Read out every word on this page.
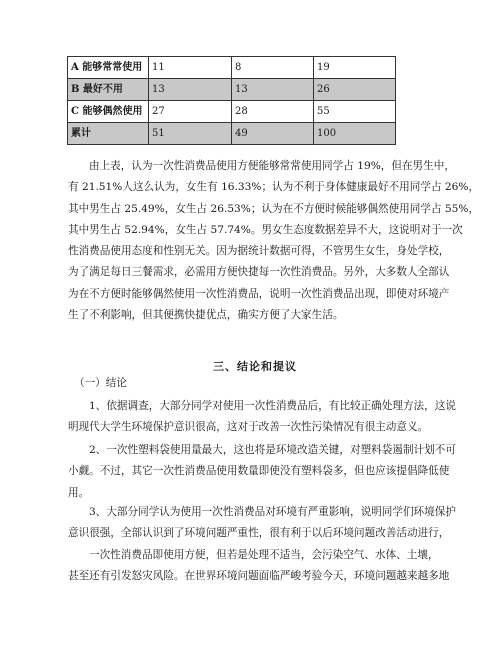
A 能够常常使用	11	8	19
B 最好不用	13	13	26
C 能够偶然使用	27	28	55
累计	51	49	100
由上表，认为一次性消费品使用方便能够常常使用同学占 19%，但在男生中，
有 21.51%人这么认为，女生有 16.33%；认为不利于身体健康最好不用同学占 26%，
其中男生占 25.49%，女生占 26.53%；认为在不方便时候能够偶然使用同学占 55%，
其中男生占 52.94%，女生占 57.74%。男女生态度数据差异不大，这说明对于一次
性消费品使用态度和性别无关。因为据统计数据可得，不管男生女生，身处学校，
为了满足每日三餐需求，必需用方便快捷每一次性消费品。另外，大多数人全部认
为在不方便时能够偶然使用一次性消费品，说明一次性消费品出现，即使对环境产
生了不利影响，但其便携快捷优点，确实方便了大家生活。
三、结论和提议
（一）结论
1、依据调查，大部分同学对使用一次性消费品后，有比较正确处理方法，这说
明现代大学生环境保护意识很高，这对于改善一次性污染情况有很主动意义。
2、一次性塑料袋使用量最大，这也将是环境改造关键，对塑料袋遏制计划不可
小觑。不过，其它一次性消费品使用数量即使没有塑料袋多，但也应该提倡降低使
用。
3、大部分同学认为使用一次性消费品对环境有严重影响，说明同学们环境保护
意识很强，全部认识到了环境问题严重性，很有利于以后环境问题改善活动进行，
一次性消费品即使用方便，但若是处理不适当，会污染空气、水体、土壤，
甚至还有引发怒灾风险。在世界环境问题面临严峻考验今天，环境问题越来越多地
